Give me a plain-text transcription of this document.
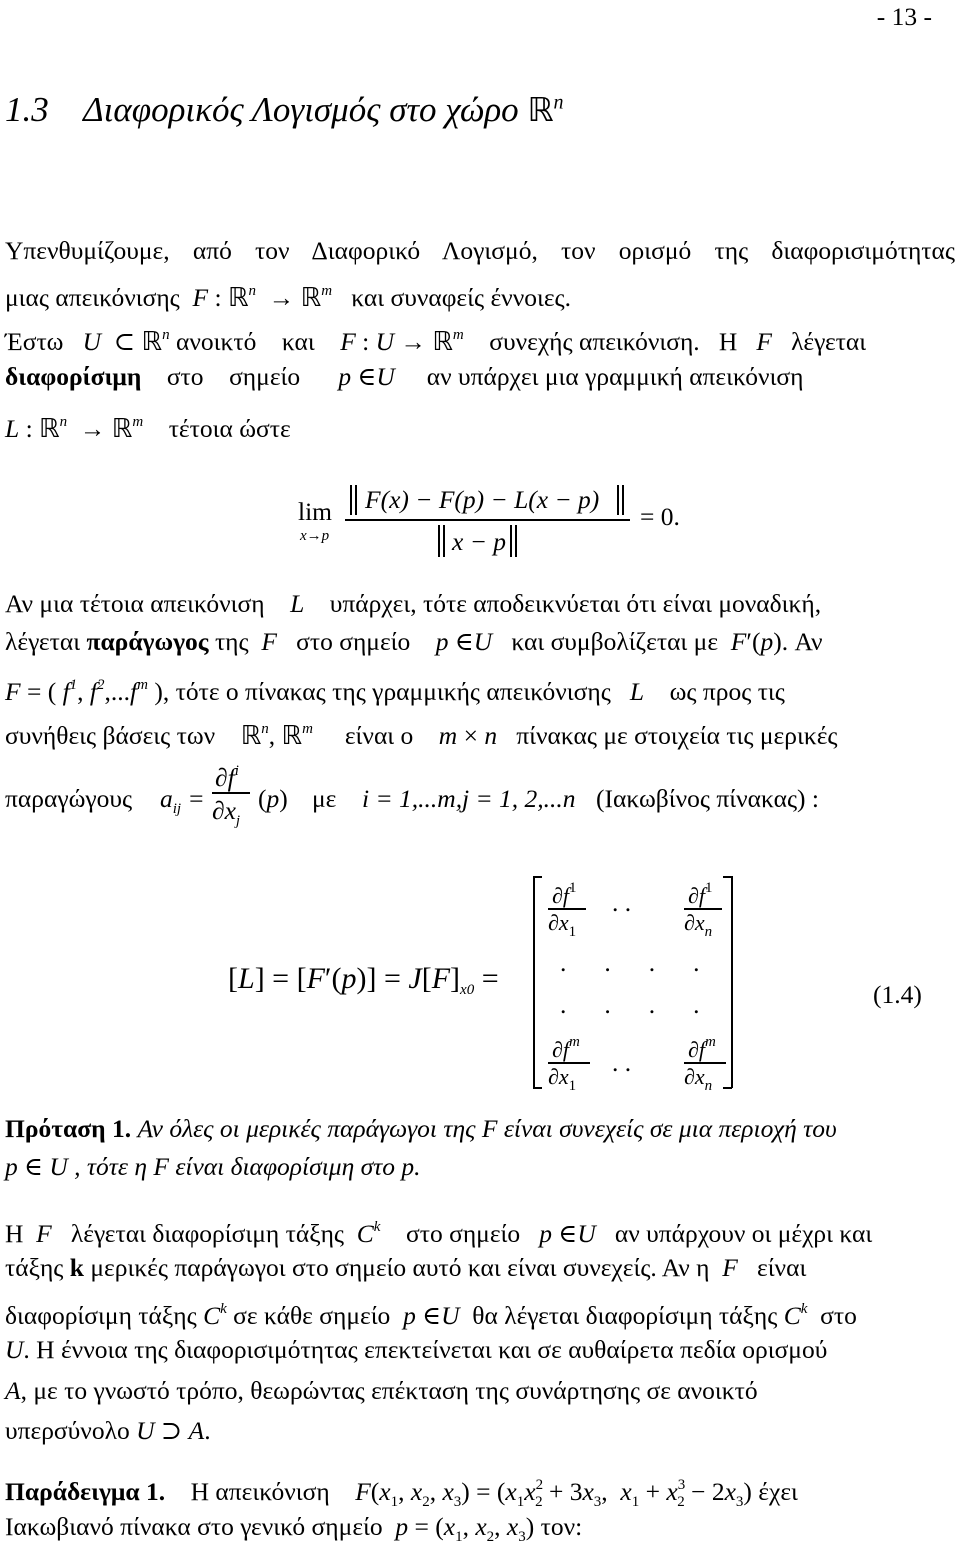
- 13 -
1.3 Διαφορικός Λογισμός στο χώρο ℝ$^n$
Υπενθυμίζουμε, από τον Διαφορικό Λογισμό, τον ορισμό της διαφορισιμότητας
μιας απεικόνισης F : ℝ$^n$  → ℝ$^m$ και συναφείς έννοιες.
Έστω U  ⊂ ℝ$^n$ ανοικτό και F : U → ℝ$^m$ συνεχής απεικόνιση. Η F λέγεται
διαφορίσιμη στο σημείο p ∈U αν υπάρχει μια γραμμική απεικόνιση
L : ℝ$^n$  → ℝ$^m$ τέτοια ώστε
lim
x→p
‖ F(x) − F(p) − L(x − p) ‖
‖ x − p ‖
= 0.
Αν μια τέτοια απεικόνιση L υπάρχει, τότε αποδεικνύεται ότι είναι μοναδική,
λέγεται παράγωγος της F στο σημείο p ∈U και συμβολίζεται με F′(p). Αν
F = ( $f^1$, $f^2,...f^m$ ), τότε ο πίνακας της γραμμικής απεικόνισης L ως προς τις
συνήθεις βάσεις των ℝ$^n$, ℝ$^m$ είναι ο m × n πίνακας με στοιχεία τις μερικές
παραγώγους $a_{ij}$ =
$\partial f^i$
$\partial x_j$
(p) με i = 1,...m, j = 1, 2,...n (Ιακωβίνος πίνακας) :
$[L] = [F'(p)] = J[F]_{x0}$ =
$\partial f^1$
$\partial x_1$
. .	$\partial f^1$
$\partial x_n$
....
....
$\partial f^m$
$\partial x_1$
. .	$\partial f^m$
$\partial x_n$
(1.4)
Πρόταση 1. Αν όλες οι μερικές παράγωγοι της F είναι συνεχείς σε μια περιοχή του
p ∈ U , τότε η F είναι διαφορίσιμη στο p.
Η F λέγεται διαφορίσιμη τάξης $C^k$ στο σημείο p ∈U αν υπάρχουν οι μέχρι και
τάξης k μερικές παράγωγοι στο σημείο αυτό και είναι συνεχείς. Αν η F είναι
διαφορίσιμη τάξης $C^k$ σε κάθε σημείο p ∈U θα λέγεται διαφορίσιμη τάξης $C^k$ στο
U. Η έννοια της διαφορισιμότητας επεκτείνεται και σε αυθαίρετα πεδία ορισμού
A, με το γνωστό τρόπο, θεωρώντας επέκταση της συνάρτησης σε ανοικτό
υπερσύνολο U ⊃ A.
Παράδειγμα 1. Η απεικόνιση $F(x_1$, $x_2$, $x_3) = (x_1x^2_2 + 3x_3$,  $x_1 + x^3_2 - 2x_3$) έχει
Ιακωβιανό πίνακα στο γενικό σημείο $p = (x_1$, $x_2$, $x_3$) τον:
